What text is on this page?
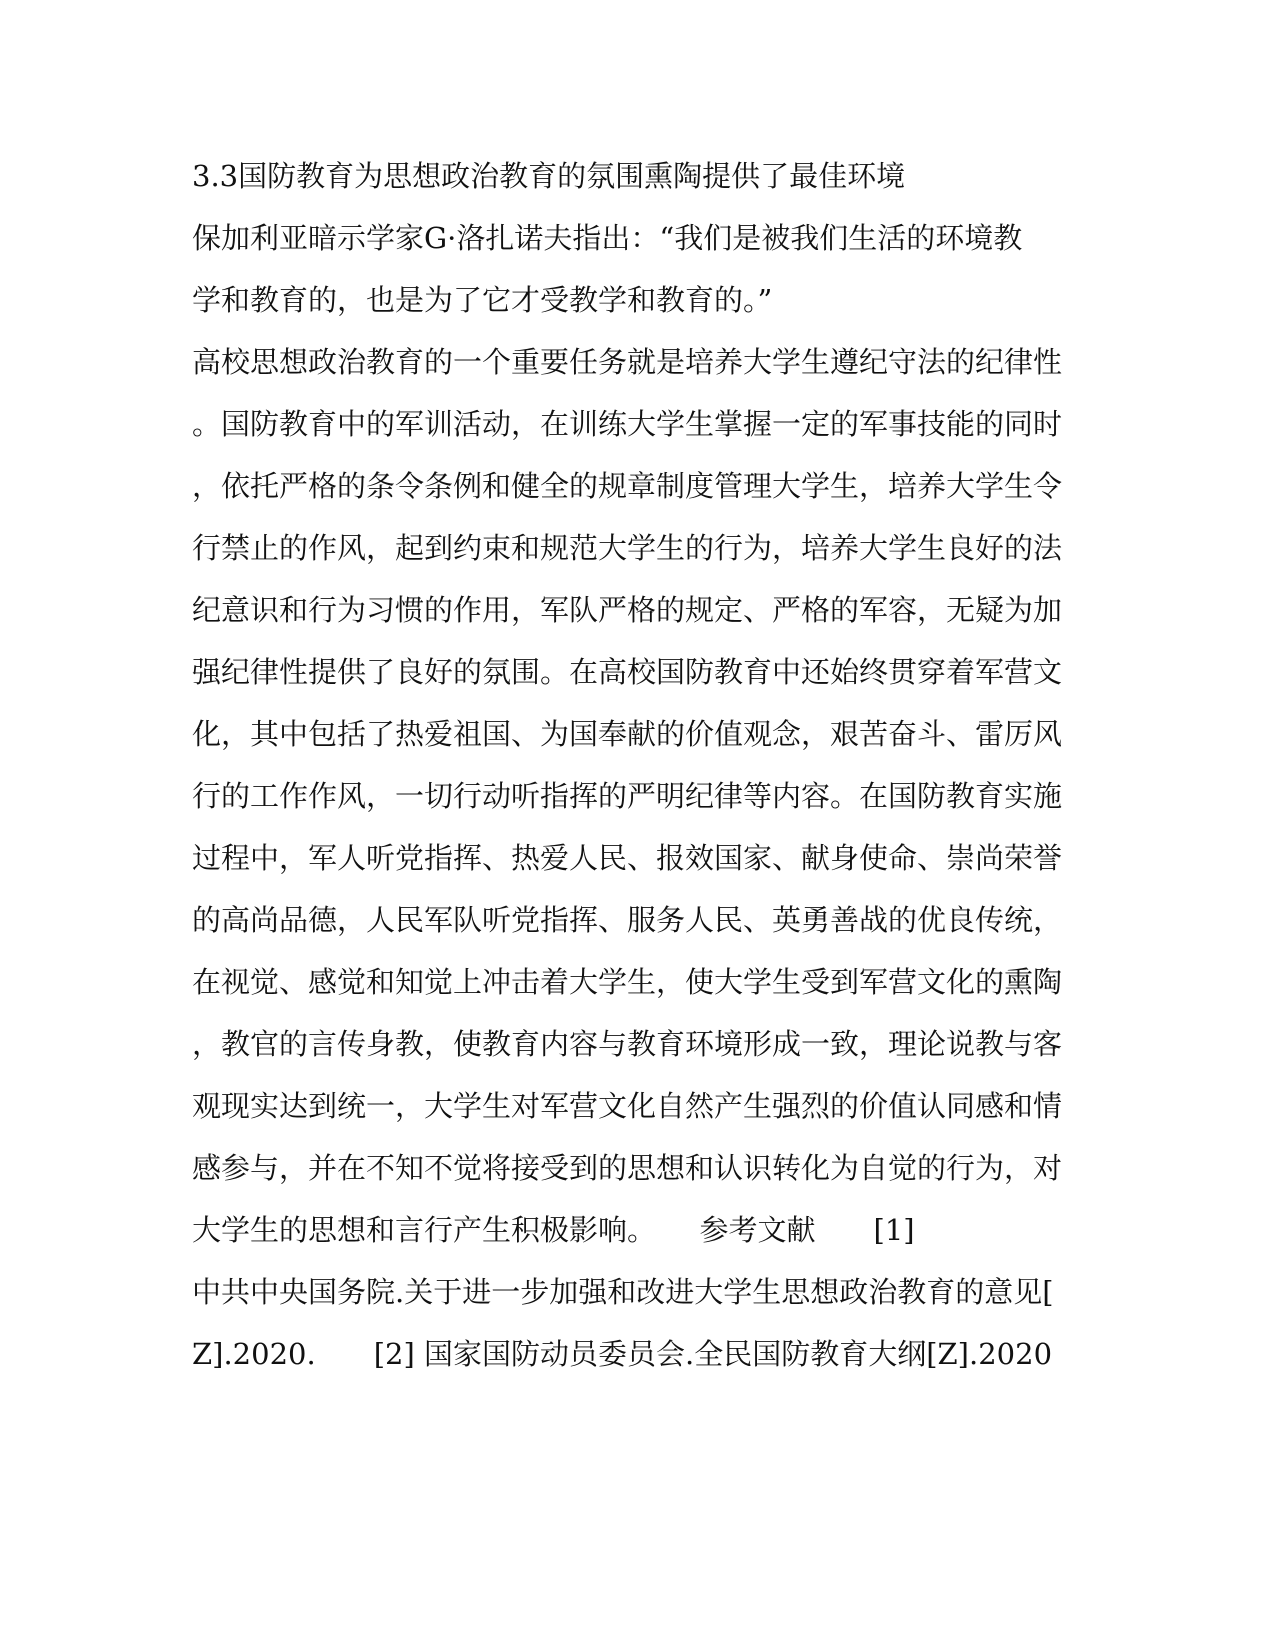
3.3国防教育为思想政治教育的氛围熏陶提供了最佳环境
保加利亚暗示学家G·洛扎诺夫指出：“我们是被我们生活的环境教
学和教育的，也是为了它才受教学和教育的。”
高校思想政治教育的一个重要任务就是培养大学生遵纪守法的纪律性
。国防教育中的军训活动，在训练大学生掌握一定的军事技能的同时
，依托严格的条令条例和健全的规章制度管理大学生，培养大学生令
行禁止的作风，起到约束和规范大学生的行为，培养大学生良好的法
纪意识和行为习惯的作用，军队严格的规定、严格的军容，无疑为加
强纪律性提供了良好的氛围。在高校国防教育中还始终贯穿着军营文
化，其中包括了热爱祖国、为国奉献的价值观念，艰苦奋斗、雷厉风
行的工作作风，一切行动听指挥的严明纪律等内容。在国防教育实施
过程中，军人听党指挥、热爱人民、报效国家、献身使命、崇尚荣誉
的高尚品德，人民军队听党指挥、服务人民、英勇善战的优良传统，
在视觉、感觉和知觉上冲击着大学生，使大学生受到军营文化的熏陶
，教官的言传身教，使教育内容与教育环境形成一致，理论说教与客
观现实达到统一，大学生对军营文化自然产生强烈的价值认同感和情
感参与，并在不知不觉将接受到的思想和认识转化为自觉的行为，对
大学生的思想和言行产生积极影响。　　参考文献　　[1]
中共中央国务院.关于进一步加强和改进大学生思想政治教育的意见[
Z].2020.　　[2] 国家国防动员委员会.全民国防教育大纲[Z].2020
